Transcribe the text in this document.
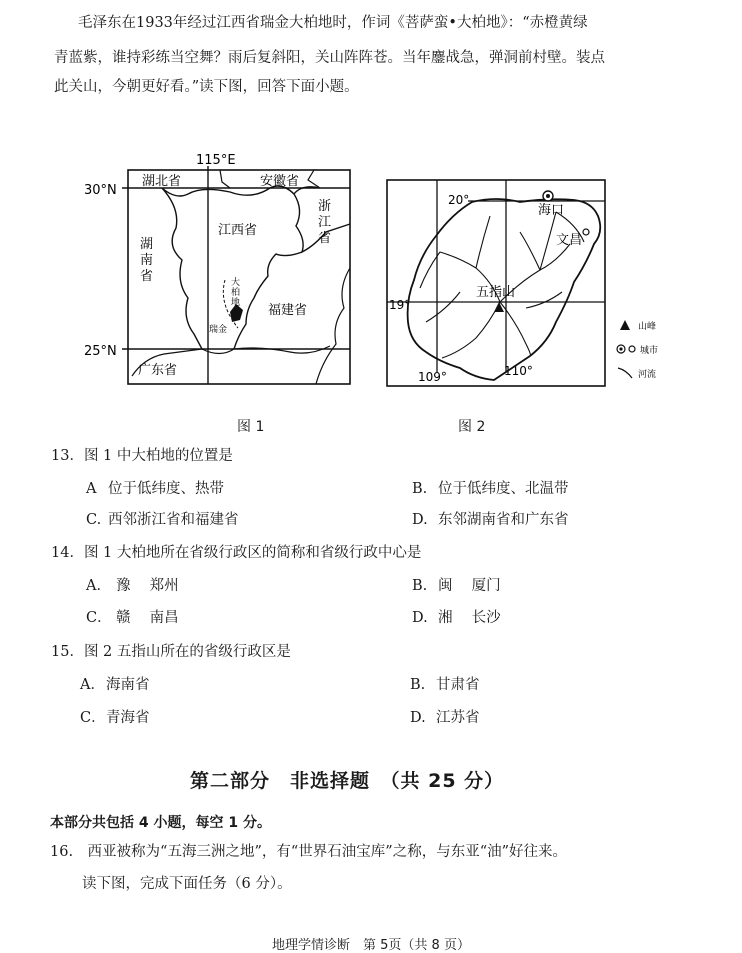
毛泽东在1933年经过江西省瑞金大柏地时，作词《菩萨蛮•大柏地》：“赤橙黄绿
青蓝紫，谁持彩练当空舞？雨后复斜阳，关山阵阵苍。当年鏖战急，弹洞前村壁。装点
此关山，今朝更好看。”读下图，回答下面小题。
115°E
30°N
25°N
湖北省	安徽省
浙 江 省
湖 南 省
江西省
福建省
广东省
大 柏 地
瑞金
图 1
20°
19°
109°	110°
海口
文昌
五指山
山峰
城市
河流
图 2
13．图 1 中大柏地的位置是
A 位于低纬度、热带	B. 位于低纬度、北温带
C. 西邻浙江省和福建省	D. 东邻湖南省和广东省
14．图 1 大柏地所在省级行政区的简称和省级行政中心是
A． 豫　 郑州	B. 闽　 厦门
C． 赣　 南昌	D. 湘　 长沙
15．图 2 五指山所在的省级行政区是
A．海南省	B. 甘肃省
C．青海省	D. 江苏省
第二部分　非选择题　（共 25 分）
本部分共包括 4 小题，每空 1 分。
16.　西亚被称为“五海三洲之地”，有“世界石油宝库”之称，与东亚“油”好往来。
读下图，完成下面任务（6 分）。
地理学情诊断　第 5页（共 8 页）
